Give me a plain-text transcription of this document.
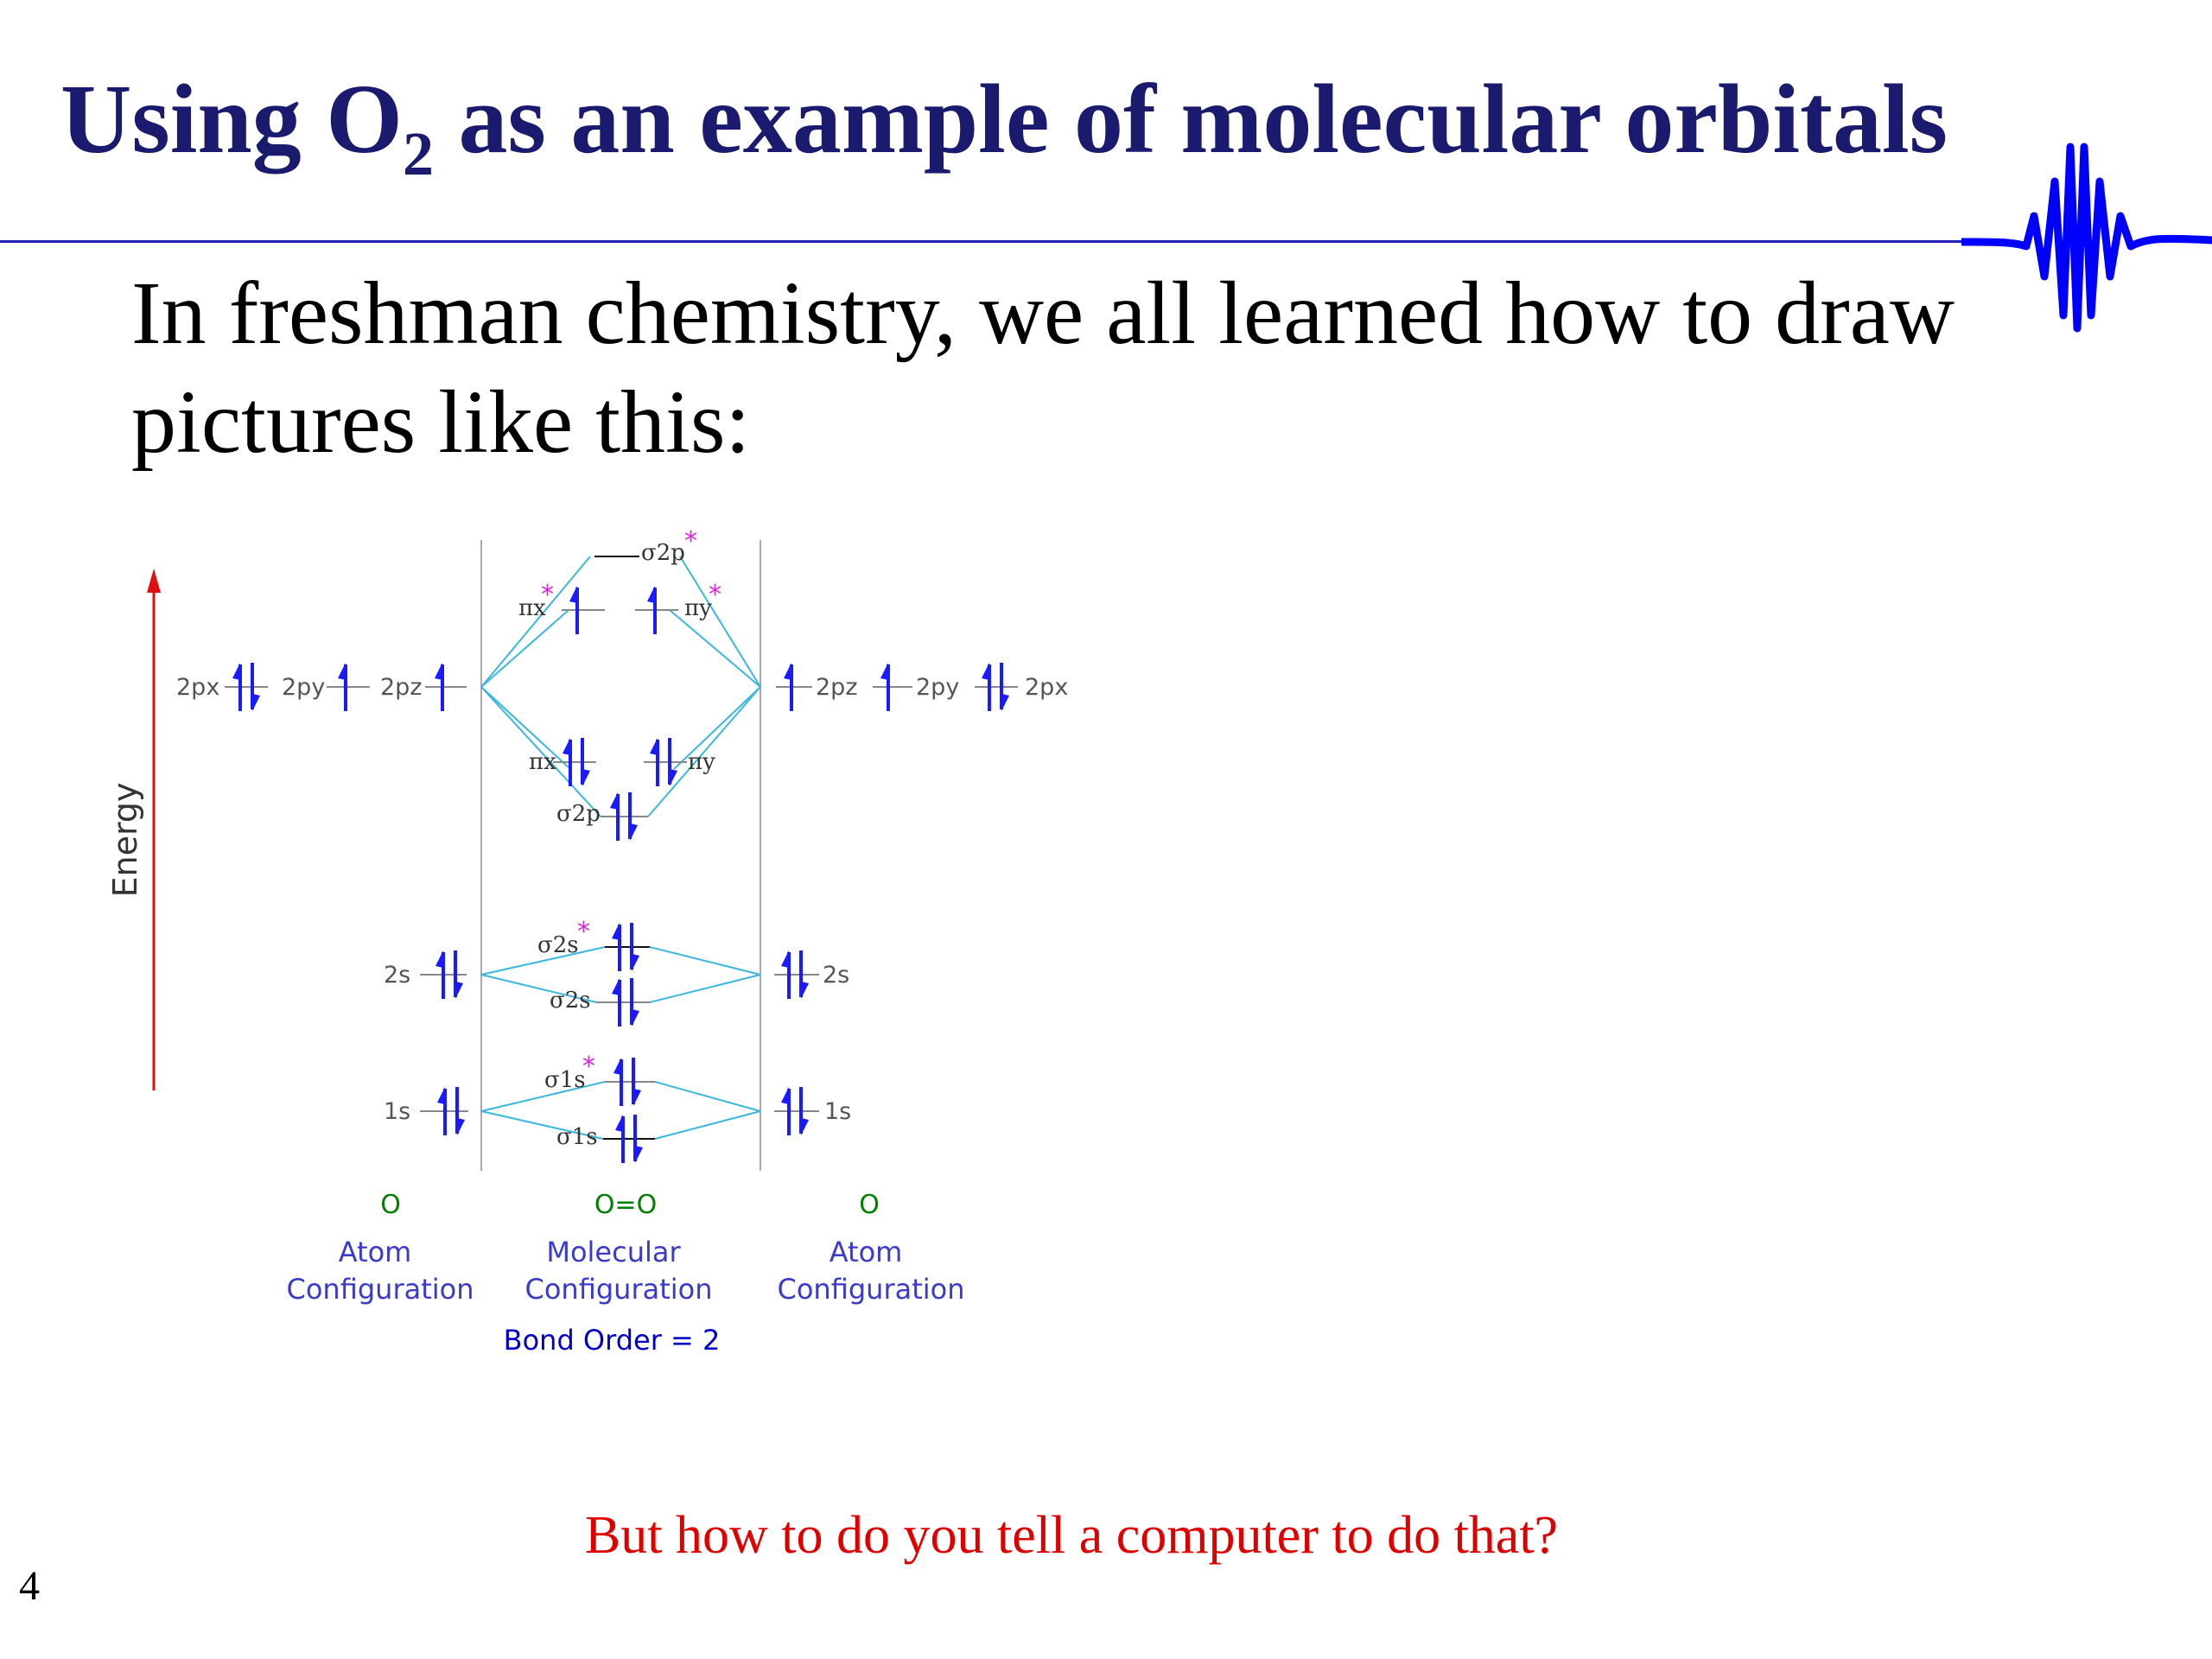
Using $O_2$ as an example of molecular orbitals

In freshman chemistry, we all learned how to draw pictures like this:

Energy
2px	2py 2pz	2pz	2py	2px
σ2p *
πx
*	πy
*
πx	πy
σ2p
2s	2s
σ2s
*
σ2s
1s	1s
σ1s
*
σ1s
O	O=O	O
Atom
Configuration
Molecular
Configuration
Atom
Configuration
Bond Order = 2
But how to do you tell a computer to do that?
4
